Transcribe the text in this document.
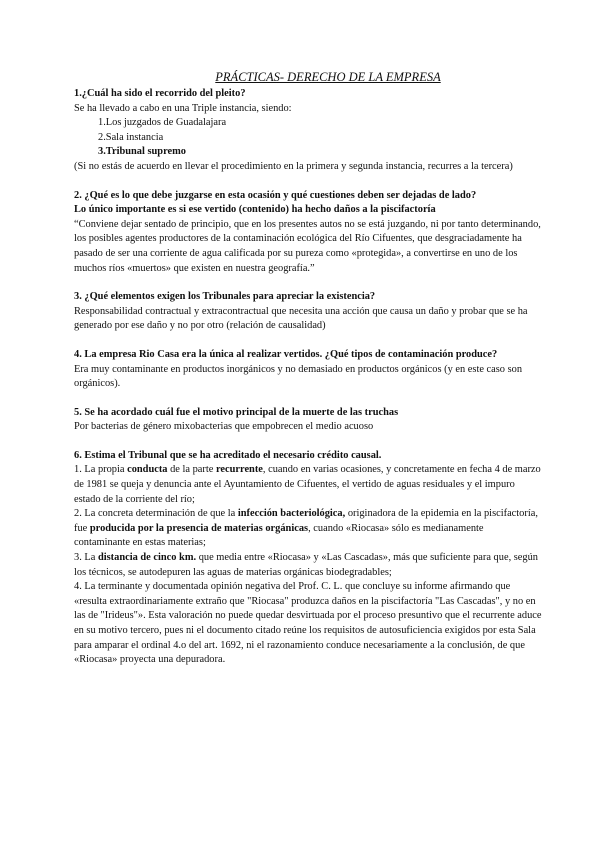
PRÁCTICAS- DERECHO DE LA EMPRESA

1.¿Cuál ha sido el recorrido del pleito?

Se ha llevado a cabo en una Triple instancia, siendo:

1.Los juzgados de Guadalajara

2.Sala instancia

3.Tribunal supremo

(Si no estás de acuerdo en llevar el procedimiento en la primera y segunda instancia, recurres a la tercera)

2. ¿Qué es lo que debe juzgarse en esta ocasión y qué cuestiones deben ser dejadas de lado?

Lo único importante es si ese vertido (contenido) ha hecho daños a la piscifactoría

“Conviene dejar sentado de principio, que en los presentes autos no se está juzgando, ni por tanto determinando, los posibles agentes productores de la contaminación ecológica del Río Cifuentes, que desgraciadamente ha pasado de ser una corriente de agua calificada por su pureza como «protegida», a convertirse en uno de los muchos ríos «muertos» que existen en nuestra geografía.”

3. ¿Qué elementos exigen los Tribunales para apreciar la existencia?

Responsabilidad contractual y extracontractual que necesita una acción que causa un daño y probar que se ha generado por ese daño y no por otro (relación de causalidad)

4. La empresa Rio Casa era la única al realizar vertidos. ¿Qué tipos de contaminación produce?

Era muy contaminante en productos inorgánicos y no demasiado en productos orgánicos (y en este caso son orgánicos).

5. Se ha acordado cuál fue el motivo principal de la muerte de las truchas

Por bacterias de género mixobacterias que empobrecen el medio acuoso

6. Estima el Tribunal que se ha acreditado el necesario crédito causal.

1. La propia conducta de la parte recurrente, cuando en varias ocasiones, y concretamente en fecha 4 de marzo de 1981 se queja y denuncia ante el Ayuntamiento de Cifuentes, el vertido de aguas residuales y el impuro estado de la corriente del río;

2. La concreta determinación de que la infección bacteriológica, originadora de la epidemia en la piscifactoría, fue producida por la presencia de materias orgánicas, cuando «Riocasa» sólo es medianamente contaminante en estas materias;

3. La distancia de cinco km. que media entre «Riocasa» y «Las Cascadas», más que suficiente para que, según los técnicos, se autodepuren las aguas de materias orgánicas biodegradables;

4. La terminante y documentada opinión negativa del Prof. C. L. que concluye su informe afirmando que «resulta extraordinariamente extraño que "Riocasa" produzca daños en la piscifactoría "Las Cascadas", y no en las de "Irideus"». Esta valoración no puede quedar desvirtuada por el proceso presuntivo que el recurrente aduce en su motivo tercero, pues ni el documento citado reúne los requisitos de autosuficiencia exigidos por esta Sala para amparar el ordinal 4.o del art. 1692, ni el razonamiento conduce necesariamente a la conclusión, de que «Riocasa» proyecta una depuradora.
